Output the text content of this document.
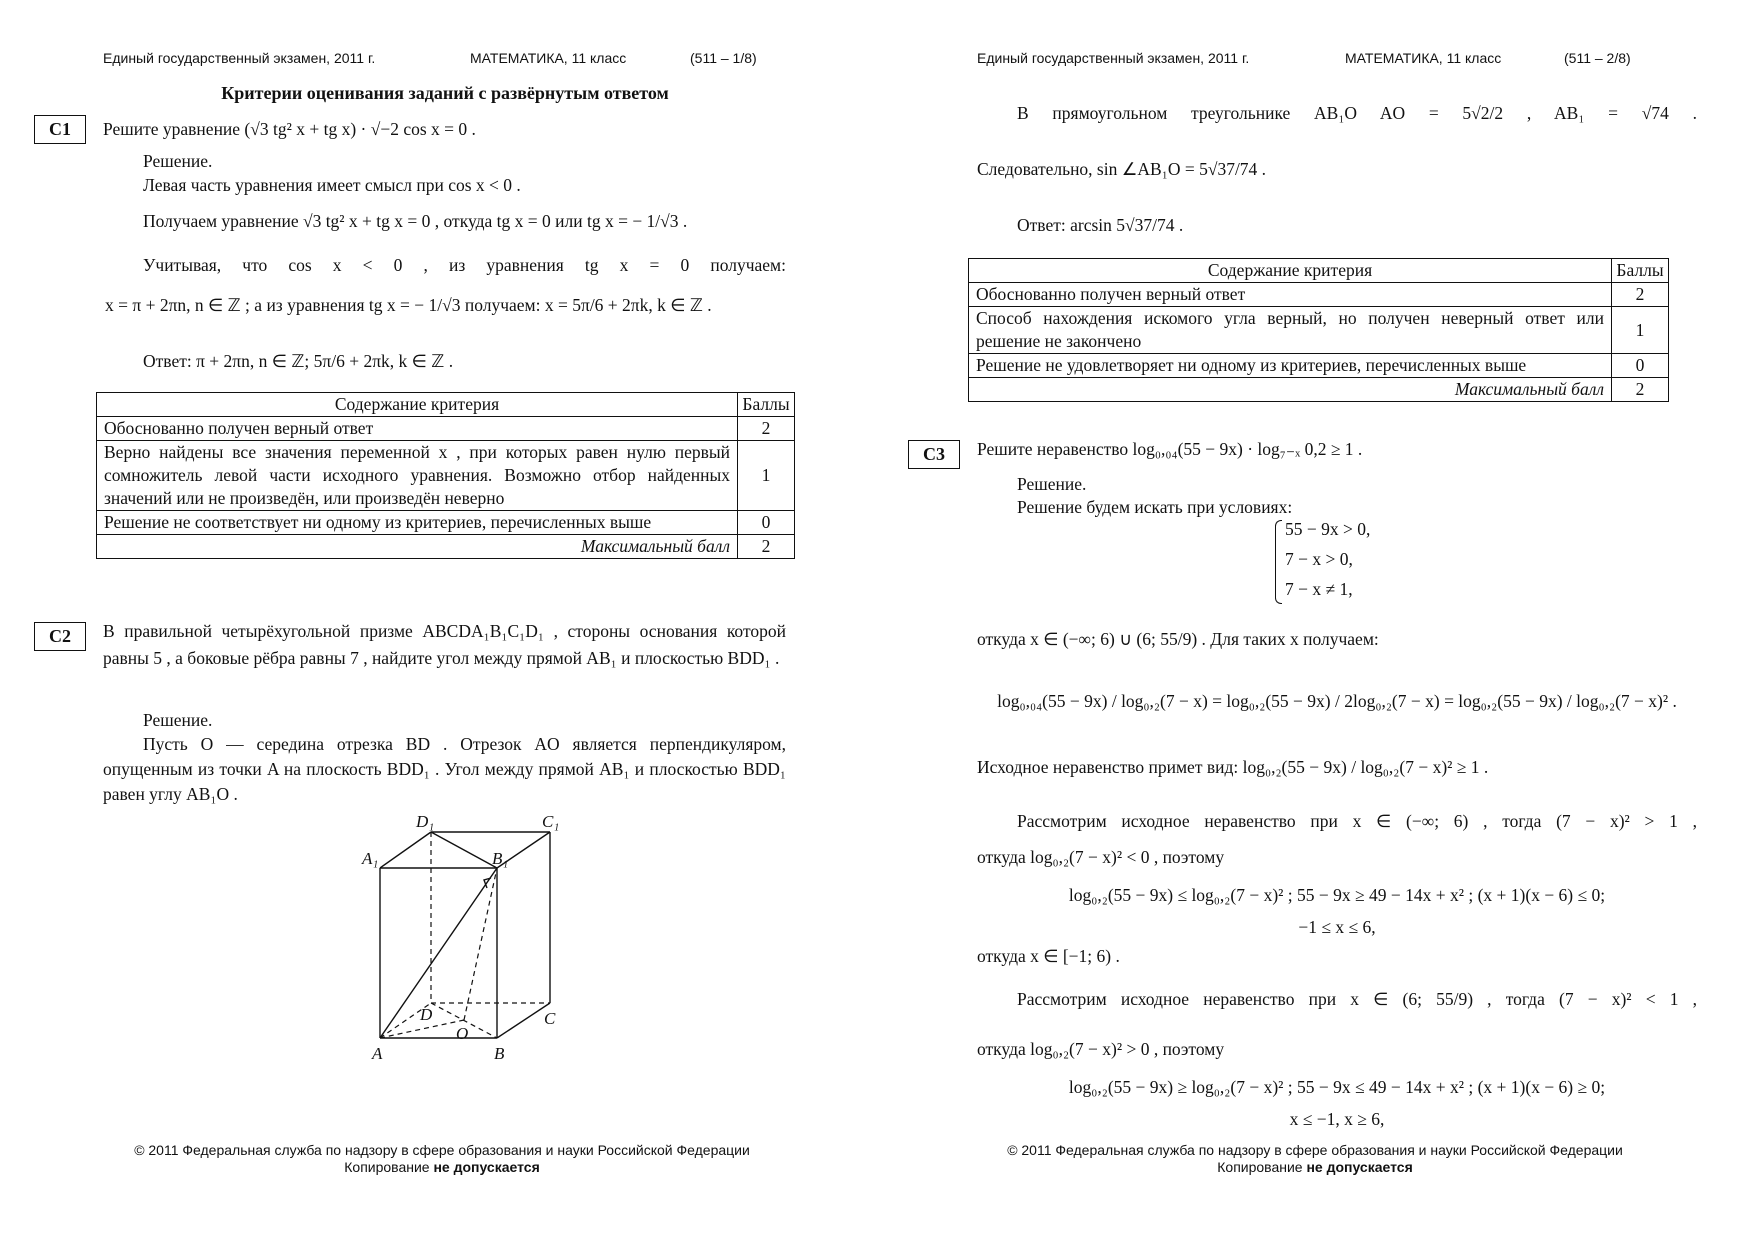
Единый государственный экзамен, 2011 г.	МАТЕМАТИКА, 11 класс	(511 – 1/8)
Критерии оценивания заданий с развёрнутым ответом
C1	Решите уравнение (√3 tg² x + tg x) · √−2 cos x = 0 .
Решение.
Левая часть уравнения имеет смысл при cos x < 0 .
Получаем уравнение √3 tg² x + tg x = 0 , откуда tg x = 0 или tg x = − 1/√3 .
Учитывая, что cos x < 0 , из уравнения tg x = 0 получаем:
x = π + 2πn, n ∈ ℤ ; а из уравнения tg x = − 1/√3 получаем: x = 5π/6 + 2πk, k ∈ ℤ .
Ответ: π + 2πn, n ∈ ℤ; 5π/6 + 2πk, k ∈ ℤ .
Содержание критерия	Баллы
Обоснованно получен верный ответ	2
Верно найдены все значения переменной x , при которых равен нулю первый сомножитель левой части исходного уравнения. Возможно отбор найденных значений или не произведён, или произведён неверно	1
Решение не соответствует ни одному из критериев, перечисленных выше	0
Максимальный балл	2
C2	В правильной четырёхугольной призме ABCDA₁B₁C₁D₁ , стороны основания которой равны 5 , а боковые рёбра равны 7 , найдите угол между прямой AB₁ и плоскостью BDD₁ .
Решение.
Пусть O — середина отрезка BD . Отрезок AO является перпендикуляром, опущенным из точки A на плоскость BDD₁ . Угол между прямой AB₁ и плоскостью BDD₁ равен углу AB₁O .
D₁	C₁
A₁	B₁
D	C
O
A	B
© 2011 Федеральная служба по надзору в сфере образования и науки Российской Федерации
Копирование не допускается
Единый государственный экзамен, 2011 г.	МАТЕМАТИКА, 11 класс	(511 – 2/8)
В прямоугольном треугольнике AB₁O AO = 5√2/2 , AB₁ = √74 .
Следовательно, sin ∠AB₁O = 5√37/74 .
Ответ: arcsin 5√37/74 .
Содержание критерия	Баллы
Обоснованно получен верный ответ	2
Способ нахождения искомого угла верный, но получен неверный ответ или решение не закончено	1
Решение не удовлетворяет ни одному из критериев, перечисленных выше	0
Максимальный балл	2
C3	Решите неравенство log₀,₀₄(55 − 9x) · log₇₋ₓ 0,2 ≥ 1 .
Решение.
Решение будем искать при условиях:
55 − 9x > 0,
7 − x > 0,
7 − x ≠ 1,
откуда x ∈ (−∞; 6) ∪ (6; 55/9) . Для таких x получаем:
log₀,₀₄(55 − 9x) / log₀,₂(7 − x) = log₀,₂(55 − 9x) / 2log₀,₂(7 − x) = log₀,₂(55 − 9x) / log₀,₂(7 − x)² .
Исходное неравенство примет вид: log₀,₂(55 − 9x) / log₀,₂(7 − x)² ≥ 1 .
Рассмотрим исходное неравенство при x ∈ (−∞; 6) , тогда (7 − x)² > 1 ,
откуда log₀,₂(7 − x)² < 0 , поэтому
log₀,₂(55 − 9x) ≤ log₀,₂(7 − x)² ; 55 − 9x ≥ 49 − 14x + x² ; (x + 1)(x − 6) ≤ 0;
−1 ≤ x ≤ 6,
откуда x ∈ [−1; 6) .
Рассмотрим исходное неравенство при x ∈ (6; 55/9) , тогда (7 − x)² < 1 ,
откуда log₀,₂(7 − x)² > 0 , поэтому
log₀,₂(55 − 9x) ≥ log₀,₂(7 − x)² ; 55 − 9x ≤ 49 − 14x + x² ; (x + 1)(x − 6) ≥ 0;
x ≤ −1, x ≥ 6,
© 2011 Федеральная служба по надзору в сфере образования и науки Российской Федерации
Копирование не допускается
